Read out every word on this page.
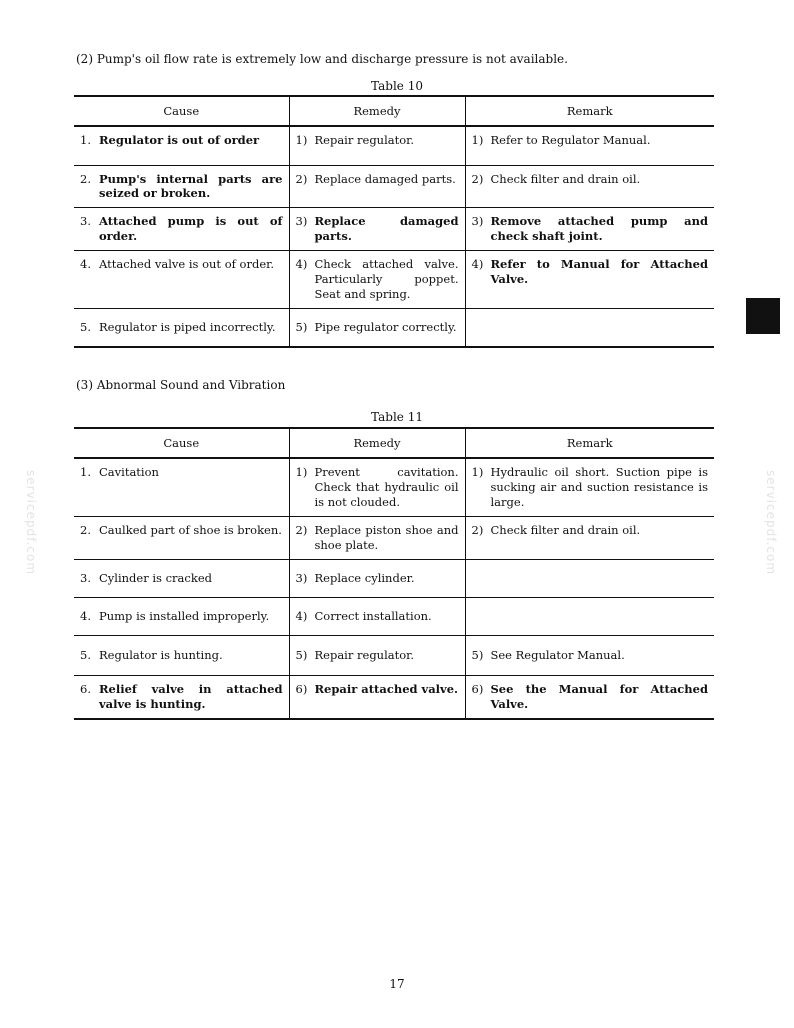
(2) Pump's oil flow rate is extremely low and discharge pressure is not available.
Table 10
Cause	Remedy	Remark

1. Regulator is out of order	1) Repair regulator.	1) Refer to Regulator Manual.

2. Pump's internal parts are seized or broken.	2) Replace damaged parts.	2) Check filter and drain oil.

3. Attached pump is out of order.	3) Replace damaged parts.	3) Remove attached pump and check shaft joint.

4. Attached valve is out of order.	4) Check attached valve. Particularly poppet. Seat and spring.	4) Refer to Manual for Attached Valve.

5. Regulator is piped incorrectly.	5) Pipe regulator correctly.	

(3) Abnormal Sound and Vibration
Table 11
Cause	Remedy	Remark

1. Cavitation	1) Prevent cavitation. Check that hydraulic oil is not clouded.	1) Hydraulic oil short. Suction pipe is sucking air and suction resistance is large.

2. Caulked part of shoe is broken.	2) Replace piston shoe and shoe plate.	2) Check filter and drain oil.

3. Cylinder is cracked	3) Replace cylinder.	

4. Pump is installed improperly.	4) Correct installation.	

5. Regulator is hunting.	5) Repair regulator.	5) See Regulator Manual.

6. Relief valve in attached valve is hunting.	6) Repair attached valve.	6) See the Manual for Attached Valve.
servicepdf.com	servicepdf.com
17
